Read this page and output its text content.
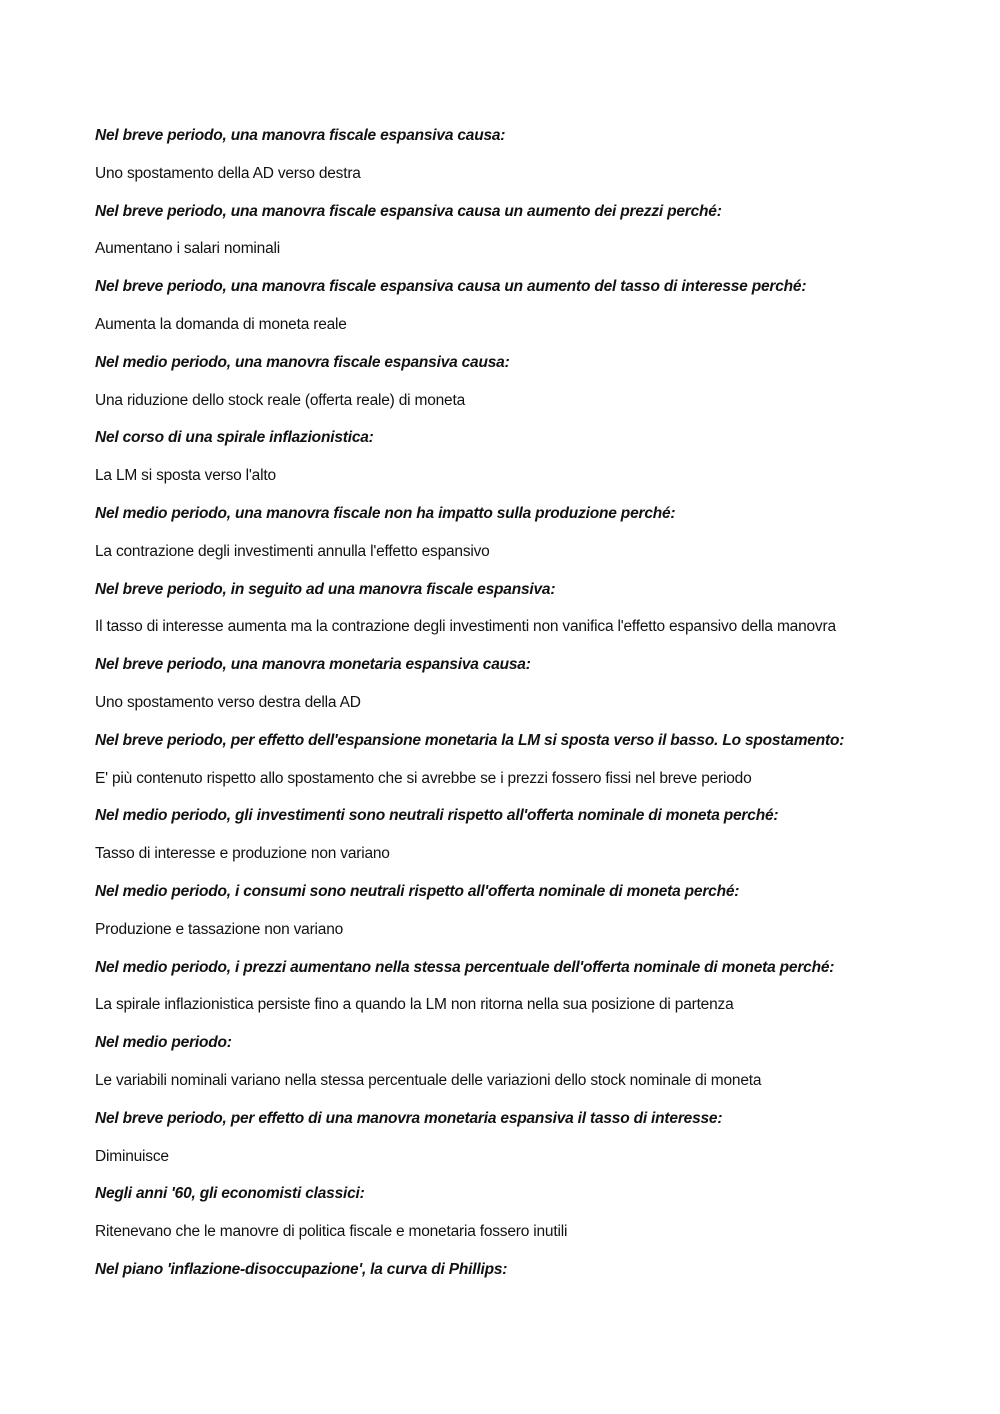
Nel breve periodo, una manovra fiscale espansiva causa:

Uno spostamento della AD verso destra

Nel breve periodo, una manovra fiscale espansiva causa un aumento dei prezzi perché:

Aumentano i salari nominali

Nel breve periodo, una manovra fiscale espansiva causa un aumento del tasso di interesse perché:

Aumenta la domanda di moneta reale

Nel medio periodo, una manovra fiscale espansiva causa:

Una riduzione dello stock reale (offerta reale) di moneta

Nel corso di una spirale inflazionistica:

La LM si sposta verso l'alto

Nel medio periodo, una manovra fiscale non ha impatto sulla produzione perché:

La contrazione degli investimenti annulla l'effetto espansivo

Nel breve periodo, in seguito ad una manovra fiscale espansiva:

Il tasso di interesse aumenta ma la contrazione degli investimenti non vanifica l'effetto espansivo della manovra

Nel breve periodo, una manovra monetaria espansiva causa:

Uno spostamento verso destra della AD

Nel breve periodo, per effetto dell'espansione monetaria la LM si sposta verso il basso. Lo spostamento:

E' più contenuto rispetto allo spostamento che si avrebbe se i prezzi fossero fissi nel breve periodo

Nel medio periodo, gli investimenti sono neutrali rispetto all'offerta nominale di moneta perché:

Tasso di interesse e produzione non variano

Nel medio periodo, i consumi sono neutrali rispetto all'offerta nominale di moneta perché:

Produzione e tassazione non variano

Nel medio periodo, i prezzi aumentano nella stessa percentuale dell'offerta nominale di moneta perché:

La spirale inflazionistica persiste fino a quando la LM non ritorna nella sua posizione di partenza

Nel medio periodo:

Le variabili nominali variano nella stessa percentuale delle variazioni dello stock nominale di moneta

Nel breve periodo, per effetto di una manovra monetaria espansiva il tasso di interesse:

Diminuisce

Negli anni '60, gli economisti classici:

Ritenevano che le manovre di politica fiscale e monetaria fossero inutili

Nel piano 'inflazione-disoccupazione', la curva di Phillips:
